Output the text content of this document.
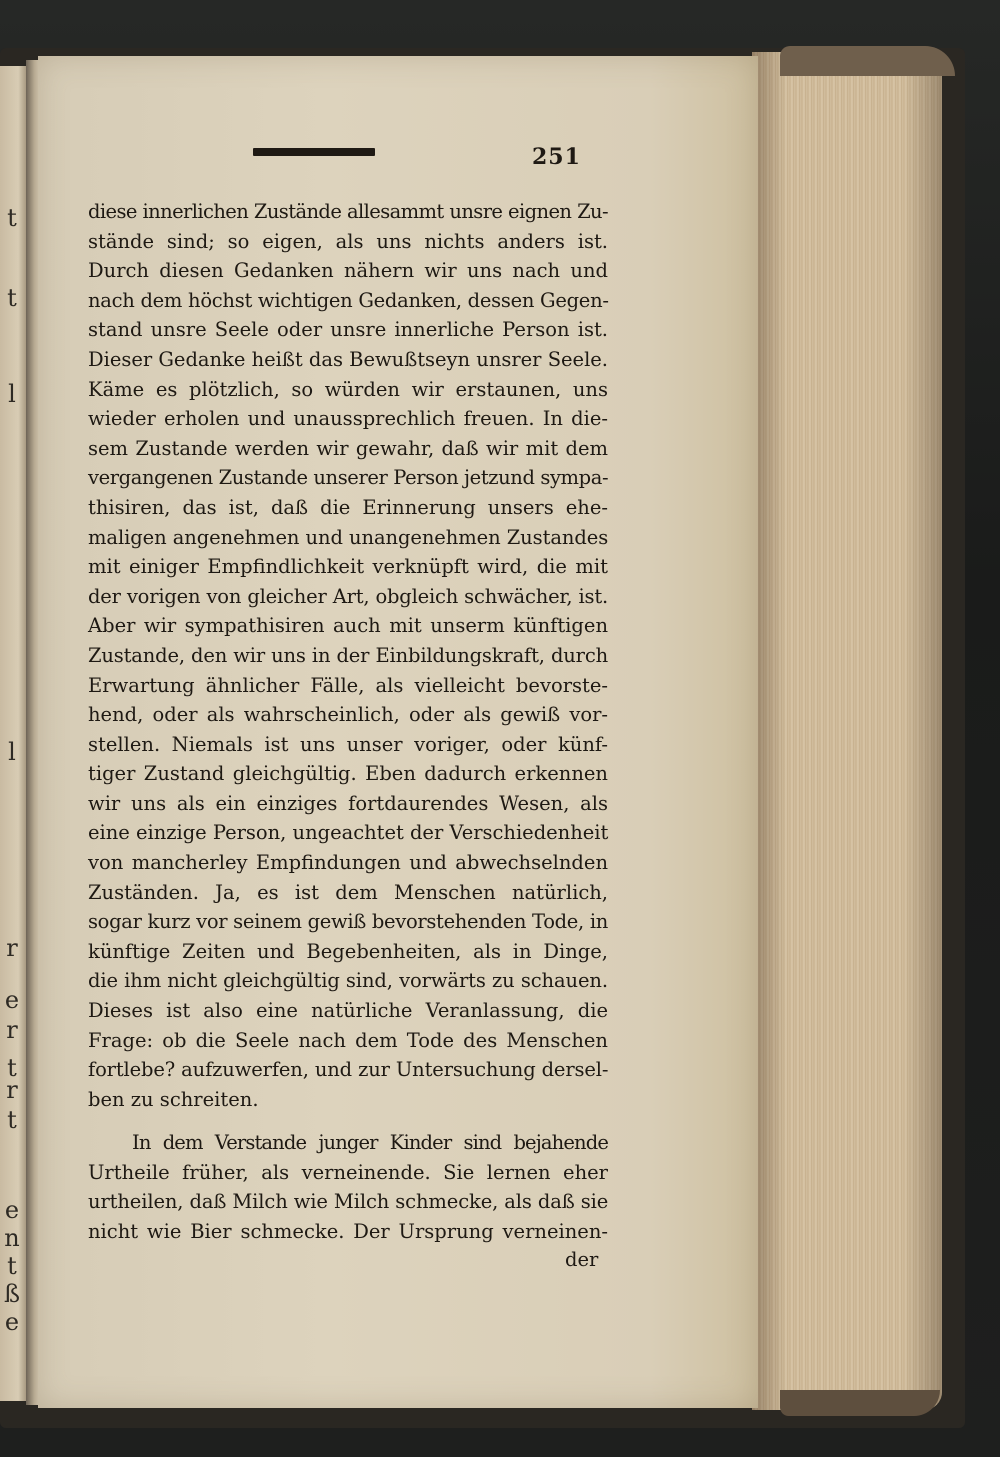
t
t
l
l
r
e
r
t
r
t
e
n
t
ß
e
251
diese innerlichen Zustände allesammt unsre eignen Zu-
stände sind; so eigen, als uns nichts anders ist.
Durch diesen Gedanken nähern wir uns nach und
nach dem höchst wichtigen Gedanken, dessen Gegen-
stand unsre Seele oder unsre innerliche Person ist.
Dieser Gedanke heißt das Bewußtseyn unsrer Seele.
Käme es plötzlich, so würden wir erstaunen, uns
wieder erholen und unaussprechlich freuen. In die-
sem Zustande werden wir gewahr, daß wir mit dem
vergangenen Zustande unserer Person jetzund sympa-
thisiren, das ist, daß die Erinnerung unsers ehe-
maligen angenehmen und unangenehmen Zustandes
mit einiger Empfindlichkeit verknüpft wird, die mit
der vorigen von gleicher Art, obgleich schwächer, ist.
Aber wir sympathisiren auch mit unserm künftigen
Zustande, den wir uns in der Einbildungskraft, durch
Erwartung ähnlicher Fälle, als vielleicht bevorste-
hend, oder als wahrscheinlich, oder als gewiß vor-
stellen. Niemals ist uns unser voriger, oder künf-
tiger Zustand gleichgültig. Eben dadurch erkennen
wir uns als ein einziges fortdaurendes Wesen, als
eine einzige Person, ungeachtet der Verschiedenheit
von mancherley Empfindungen und abwechselnden
Zuständen. Ja, es ist dem Menschen natürlich,
sogar kurz vor seinem gewiß bevorstehenden Tode, in
künftige Zeiten und Begebenheiten, als in Dinge,
die ihm nicht gleichgültig sind, vorwärts zu schauen.
Dieses ist also eine natürliche Veranlassung, die
Frage: ob die Seele nach dem Tode des Menschen
fortlebe? aufzuwerfen, und zur Untersuchung dersel-
ben zu schreiten.
In dem Verstande junger Kinder sind bejahende
Urtheile früher, als verneinende. Sie lernen eher
urtheilen, daß Milch wie Milch schmecke, als daß sie
nicht wie Bier schmecke. Der Ursprung verneinen-
der
